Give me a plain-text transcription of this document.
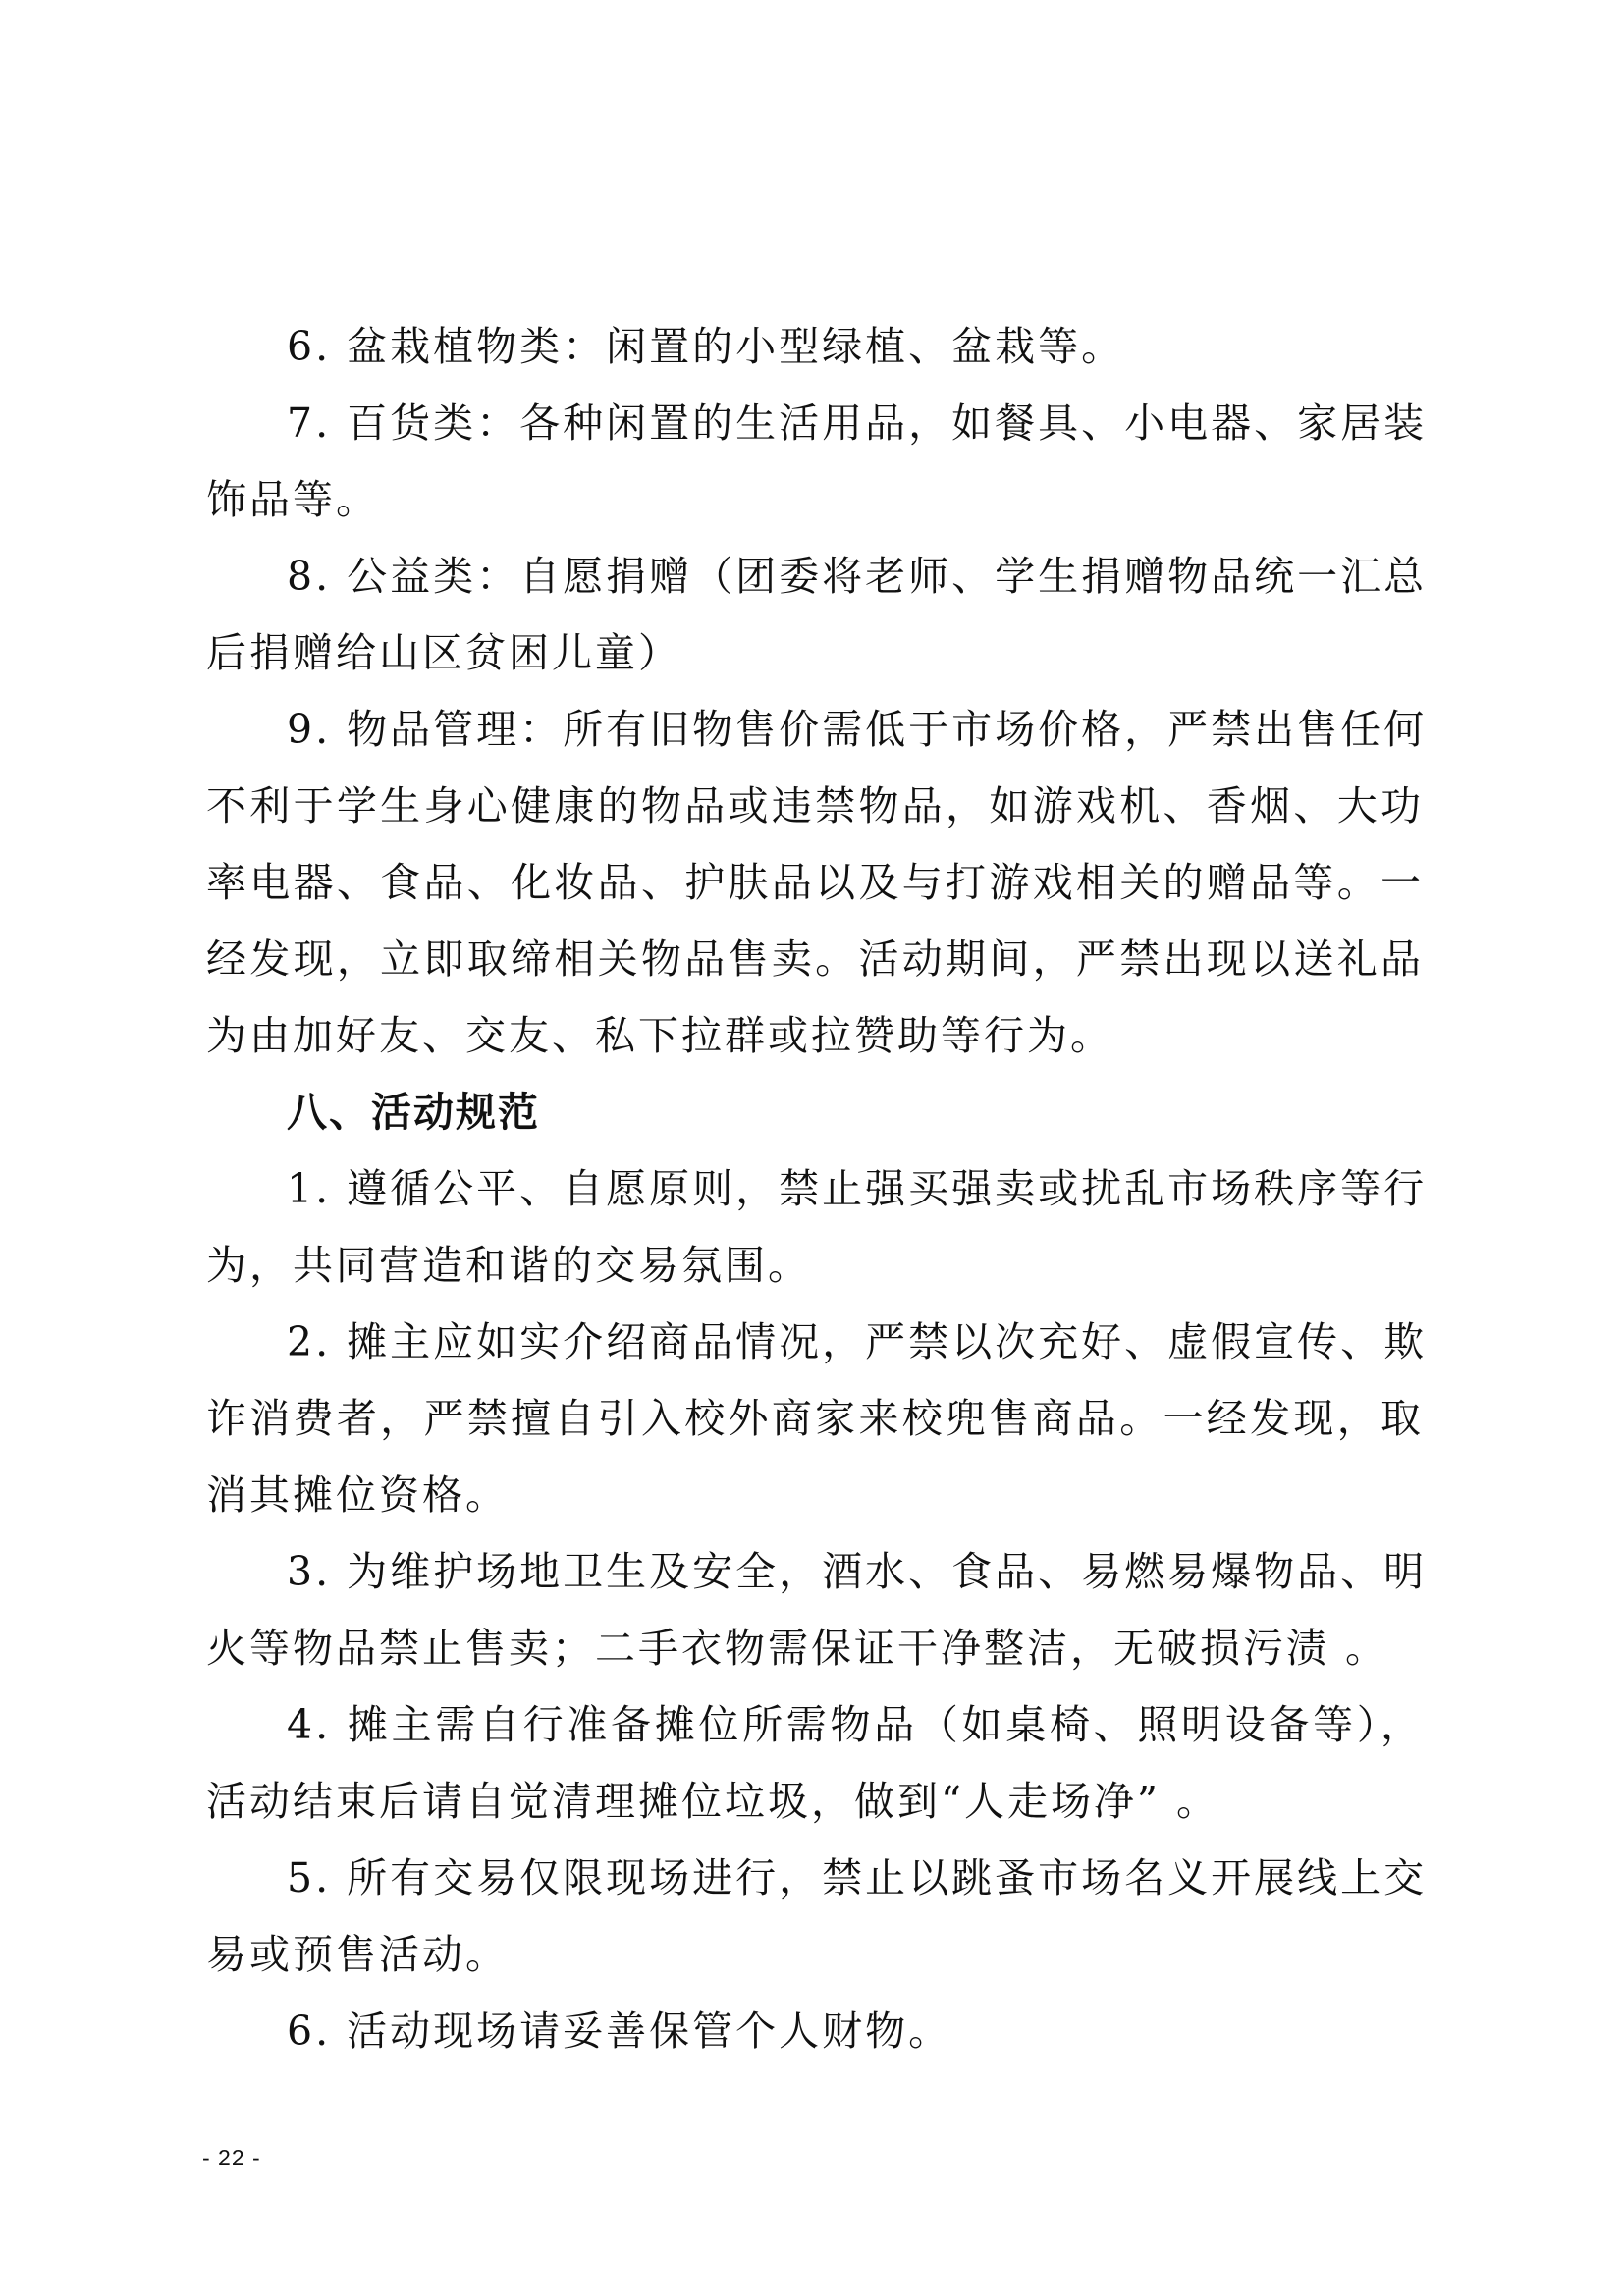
6. 盆栽植物类：闲置的小型绿植、盆栽等。
7. 百货类：各种闲置的生活用品，如餐具、小电器、家居装
饰品等。
8. 公益类：自愿捐赠（团委将老师、学生捐赠物品统一汇总
后捐赠给山区贫困儿童）
9. 物品管理：所有旧物售价需低于市场价格，严禁出售任何
不利于学生身心健康的物品或违禁物品，如游戏机、香烟、大功
率电器、食品、化妆品、护肤品以及与打游戏相关的赠品等。一
经发现，立即取缔相关物品售卖。活动期间，严禁出现以送礼品
为由加好友、交友、私下拉群或拉赞助等行为。
八、活动规范
1. 遵循公平、自愿原则，禁止强买强卖或扰乱市场秩序等行
为，共同营造和谐的交易氛围。
2. 摊主应如实介绍商品情况，严禁以次充好、虚假宣传、欺
诈消费者，严禁擅自引入校外商家来校兜售商品。一经发现，取
消其摊位资格。
3. 为维护场地卫生及安全，酒水、食品、易燃易爆物品、明
火等物品禁止售卖；二手衣物需保证干净整洁，无破损污渍 。
4. 摊主需自行准备摊位所需物品（如桌椅、照明设备等），
活动结束后请自觉清理摊位垃圾，做到“人走场净” 。
5. 所有交易仅限现场进行，禁止以跳蚤市场名义开展线上交
易或预售活动。
6. 活动现场请妥善保管个人财物。
- 22 -
